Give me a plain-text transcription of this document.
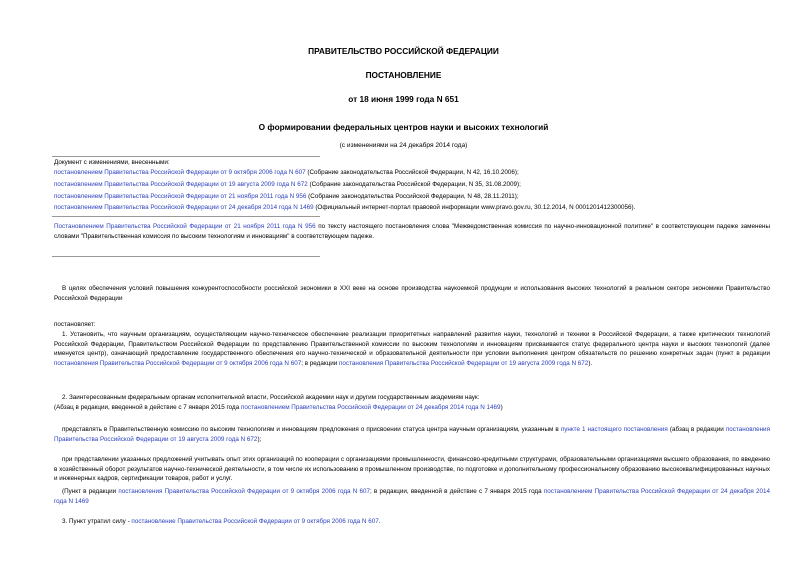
ПРАВИТЕЛЬСТВО РОССИЙСКОЙ ФЕДЕРАЦИИ
ПОСТАНОВЛЕНИЕ
от 18 июня 1999 года N 651
О формировании федеральных центров науки и высоких технологий
(с изменениями на 24 декабря 2014 года)
Документ с изменениями, внесенными:
постановлением Правительства Российской Федерации от 9 октября 2006 года N 607 (Собрание законодательства Российской Федерации, N 42, 16.10.2006);
постановлением Правительства Российской Федерации от 19 августа 2009 года N 672 (Собрание законодательства Российской Федерации, N 35, 31.08.2009);
постановлением Правительства Российской Федерации от 21 ноября 2011 года N 956 (Собрание законодательства Российской Федерации, N 48, 28.11.2011);
постановлением Правительства Российской Федерации от 24 декабря 2014 года N 1469 (Официальный интернет-портал правовой информации www.pravo.gov.ru, 30.12.2014, N 0001201412300056).
Постановлением Правительства Российской Федерации от 21 ноября 2011 года N 956 по тексту настоящего постановления слова "Межведомственная комиссия по научно-инновационной политике" в соответствующем падеже заменены словами "Правительственная комиссия по высоким технологиям и инновациям" в соответствующем падеже.
В целях обеспечения условий повышения конкурентоспособности российской экономики в XXI веке на основе производства наукоемкой продукции и использования высоких технологий в реальном секторе экономики Правительство Российской Федерации
постановляет:
1. Установить, что научным организациям, осуществляющим научно-техническое обеспечение реализации приоритетных направлений развития науки, технологий и техники в Российской Федерации, а также критических технологий Российской Федерации, Правительством Российской Федерации по представлению Правительственной комиссии по высоким технологиям и инновациям присваивается статус федерального центра науки и высоких технологий (далее именуется центр), означающий предоставление государственного обеспечения его научно-технической и образовательной деятельности при условии выполнения центром обязательств по решению конкретных задач (пункт в редакции постановления Правительства Российской Федерации от 9 октября 2006 года N 607; в редакции постановления Правительства Российской Федерации от 19 августа 2009 года N 672).
2. Заинтересованным федеральным органам исполнительной власти, Российской академии наук и другим государственным академиям наук:
(Абзац в редакции, введенной в действие с 7 января 2015 года постановлением Правительства Российской Федерации от 24 декабря 2014 года N 1469)
представлять в Правительственную комиссию по высоким технологиям и инновациям предложения о присвоении статуса центра научным организациям, указанным в пункте 1 настоящего постановления (абзац в редакции постановления Правительства Российской Федерации от 19 августа 2009 года N 672);
при представлении указанных предложений учитывать опыт этих организаций по кооперации с организациями промышленности, финансово-кредитными структурами, образовательными организациями высшего образования, по введению в хозяйственный оборот результатов научно-технической деятельности, в том числе их использованию в промышленном производстве, по подготовке и дополнительному профессиональному образованию высококвалифицированных научных и инженерных кадров, сертификации товаров, работ и услуг.
(Пункт в редакции постановления Правительства Российской Федерации от 9 октября 2006 года N 607; в редакции, введенной в действие с 7 января 2015 года постановлением Правительства Российской Федерации от 24 декабря 2014 года N 1469
3. Пункт утратил силу - постановление Правительства Российской Федерации от 9 октября 2006 года N 607.
